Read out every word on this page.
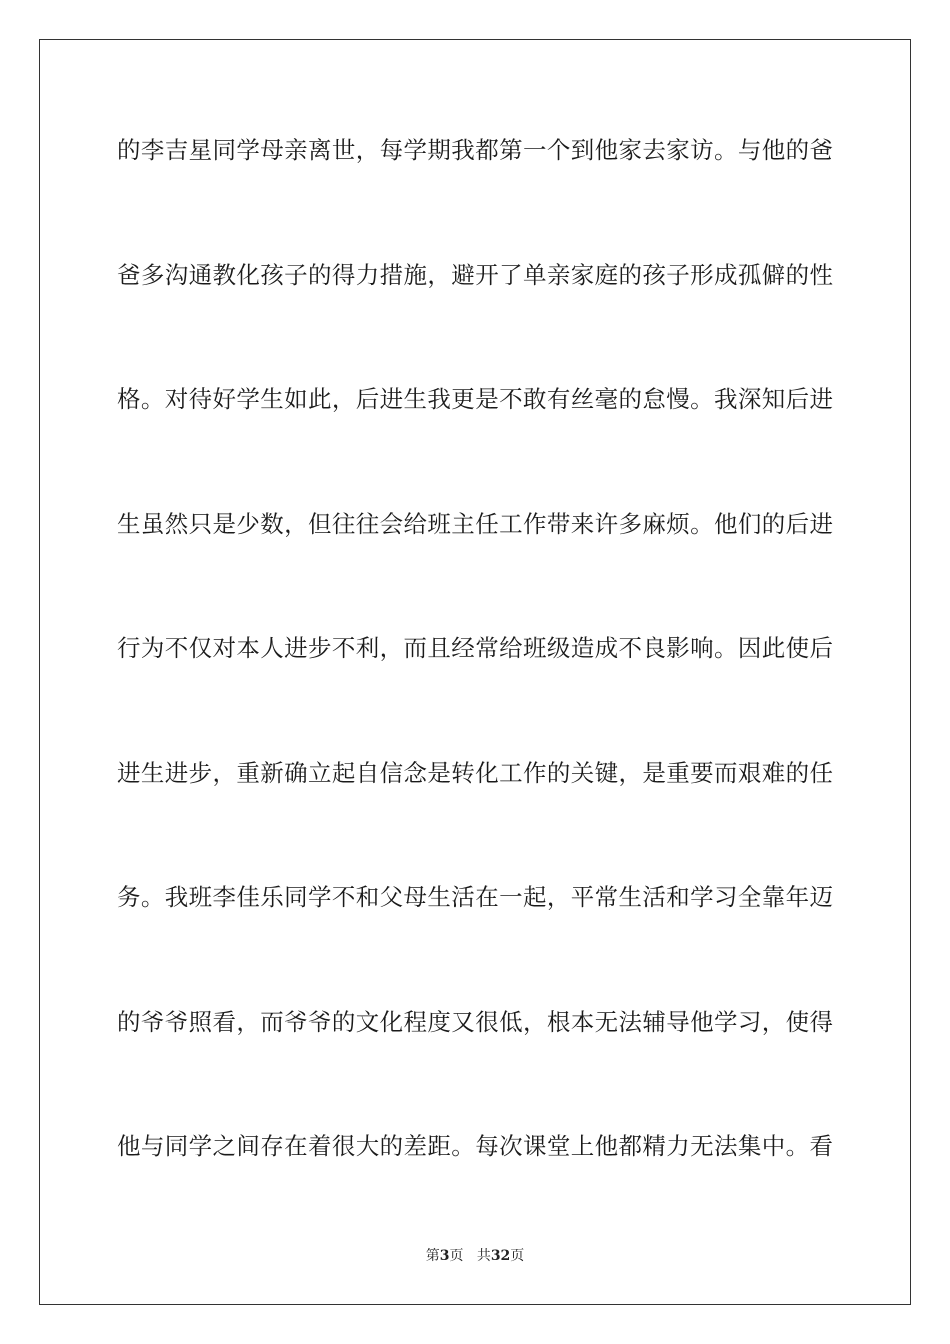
的李吉星同学母亲离世，每学期我都第一个到他家去家访。与他的爸
爸多沟通教化孩子的得力措施，避开了单亲家庭的孩子形成孤僻的性
格。对待好学生如此，后进生我更是不敢有丝毫的怠慢。我深知后进
生虽然只是少数，但往往会给班主任工作带来许多麻烦。他们的后进
行为不仅对本人进步不利，而且经常给班级造成不良影响。因此使后
进生进步，重新确立起自信念是转化工作的关键，是重要而艰难的任
务。我班李佳乐同学不和父母生活在一起，平常生活和学习全靠年迈
的爷爷照看，而爷爷的文化程度又很低，根本无法辅导他学习，使得
他与同学之间存在着很大的差距。每次课堂上他都精力无法集中。看
第3页 共32页
